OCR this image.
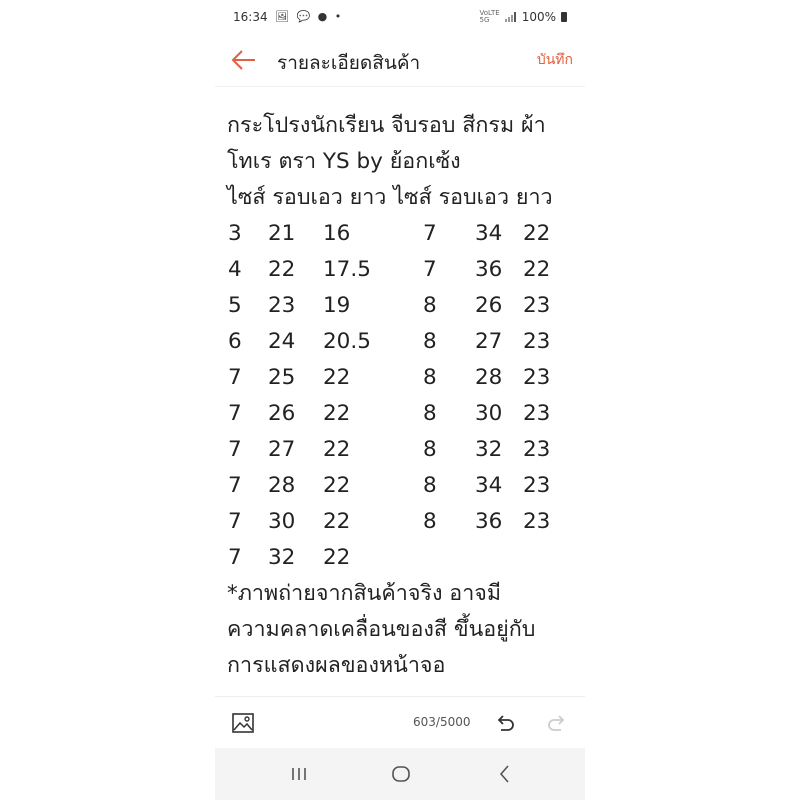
16:34 🖼 💬 ● •	VoLTE
5G	100%
รายละเอียดสินค้า	บันทึก
กระโปรงนักเรียน จีบรอบ สีกรม ผ้า
โทเร ตรา YS by ย้อกเซ้ง
ไซส์ รอบเอว ยาว ไซส์ รอบเอว ยาว
3 21 16	7 34 22
4 22 17.5 7 36 22
5 23 19	8 26 23
6 24 20.5 8 27 23
7 25 22	8 28 23
7 26 22	8 30 23
7 27 22	8 32 23
7 28 22	8 34 23
7 30 22	8 36 23
7 32 22
*ภาพถ่ายจากสินค้าจริง อาจมี
ความคลาดเคลื่อนของสี ขึ้นอยู่กับ
การแสดงผลของหน้าจอ
603/5000
